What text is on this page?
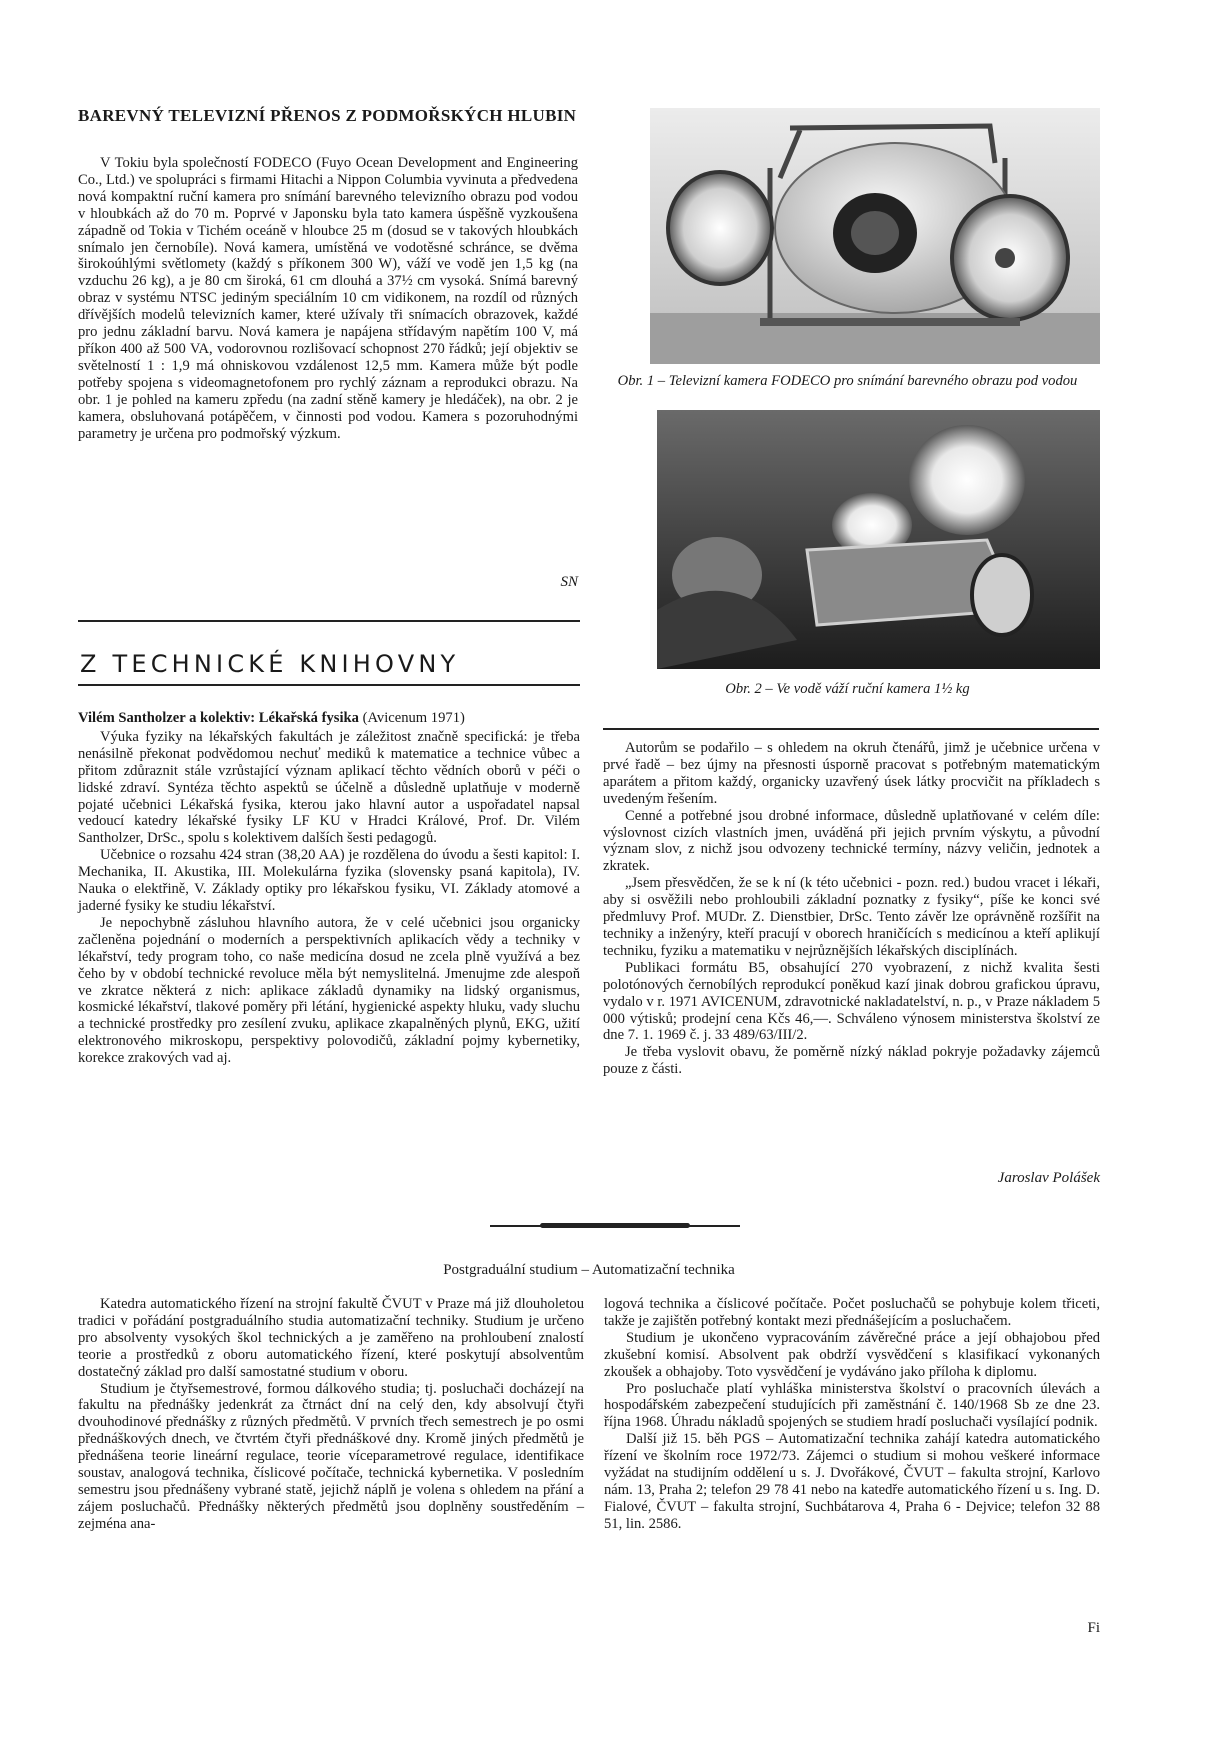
BAREVNÝ TELEVIZNÍ PŘENOS Z PODMOŘSKÝCH HLUBIN

V Tokiu byla společností FODECO (Fuyo Ocean Development and Engineering Co., Ltd.) ve spolupráci s firmami Hitachi a Nippon Columbia vyvinuta a předvedena nová kompaktní ruční kamera pro snímání barevného televizního obrazu pod vodou v hloubkách až do 70 m. Poprvé v Japonsku byla tato kamera úspěšně vyzkoušena západně od Tokia v Tichém oceáně v hloubce 25 m (dosud se v takových hloubkách snímalo jen černobíle). Nová kamera, umístěná ve vodotěsné schránce, se dvěma širokoúhlými světlomety (každý s příkonem 300 W), váží ve vodě jen 1,5 kg (na vzduchu 26 kg), a je 80 cm široká, 61 cm dlouhá a 37½ cm vysoká. Snímá barevný obraz v systému NTSC jediným speciálním 10 cm vidikonem, na rozdíl od různých dřívějších modelů televizních kamer, které užívaly tři snímacích obrazovek, každé pro jednu základní barvu. Nová kamera je napájena střídavým napětím 100 V, má příkon 400 až 500 VA, vodorovnou rozlišovací schopnost 270 řádků; její objektiv se světelností 1 : 1,9 má ohniskovou vzdálenost 12,5 mm. Kamera může být podle potřeby spojena s videomagnetofonem pro rychlý záznam a reprodukci obrazu. Na obr. 1 je pohled na kameru zpředu (na zadní stěně kamery je hledáček), na obr. 2 je kamera, obsluhovaná potápěčem, v činnosti pod vodou. Kamera s pozoruhodnými parametry je určena pro podmořský výzkum.

SN
Obr. 1 – Televizní kamera FODECO pro snímání barevného obrazu pod vodou
Obr. 2 – Ve vodě váží ruční kamera 1½ kg
Z TECHNICKÉ KNIHOVNY

Vilém Santholzer a kolektiv: Lékařská fysika (Avicenum 1971)

Výuka fyziky na lékařských fakultách je záležitost značně specifická: je třeba nenásilně překonat podvědomou nechuť mediků k matematice a technice vůbec a přitom zdůraznit stále vzrůstající význam aplikací těchto vědních oborů v péči o lidské zdraví. Syntéza těchto aspektů se účelně a důsledně uplatňuje v moderně pojaté učebnici Lékařská fysika, kterou jako hlavní autor a uspořadatel napsal vedoucí katedry lékařské fysiky LF KU v Hradci Králové, Prof. Dr. Vilém Santholzer, DrSc., spolu s kolektivem dalších šesti pedagogů.

Učebnice o rozsahu 424 stran (38,20 AA) je rozdělena do úvodu a šesti kapitol: I. Mechanika, II. Akustika, III. Molekulárna fyzika (slovensky psaná kapitola), IV. Nauka o elektřině, V. Základy optiky pro lékařskou fysiku, VI. Základy atomové a jaderné fysiky ke studiu lékařství.

Je nepochybně zásluhou hlavního autora, že v celé učebnici jsou organicky začleněna pojednání o moderních a perspektivních aplikacích vědy a techniky v lékařství, tedy program toho, co naše medicína dosud ne zcela plně využívá a bez čeho by v období technické revoluce měla být nemyslitelná. Jmenujme zde alespoň ve zkratce některá z nich: aplikace základů dynamiky na lidský organismus, kosmické lékařství, tlakové poměry při létání, hygienické aspekty hluku, vady sluchu a technické prostředky pro zesílení zvuku, aplikace zkapalněných plynů, EKG, užití elektronového mikroskopu, perspektivy polovodičů, základní pojmy kybernetiky, korekce zrakových vad aj.

Autorům se podařilo – s ohledem na okruh čtenářů, jimž je učebnice určena v prvé řadě – bez újmy na přesnosti úsporně pracovat s potřebným matematickým aparátem a přitom každý, organicky uzavřený úsek látky procvičit na příkladech s uvedeným řešením.

Cenné a potřebné jsou drobné informace, důsledně uplatňované v celém díle: výslovnost cizích vlastních jmen, uváděná při jejich prvním výskytu, a původní význam slov, z nichž jsou odvozeny technické termíny, názvy veličin, jednotek a zkratek.

„Jsem přesvědčen, že se k ní (k této učebnici - pozn. red.) budou vracet i lékaři, aby si osvěžili nebo prohloubili základní poznatky z fysiky“, píše ke konci své předmluvy Prof. MUDr. Z. Dienstbier, DrSc. Tento závěr lze oprávněně rozšířit na techniky a inženýry, kteří pracují v oborech hraničících s medicínou a kteří aplikují techniku, fyziku a matematiku v nejrůznějších lékařských disciplínách.

Publikaci formátu B5, obsahující 270 vyobrazení, z nichž kvalita šesti polotónových černobílých reprodukcí poněkud kazí jinak dobrou grafickou úpravu, vydalo v r. 1971 AVICENUM, zdravotnické nakladatelství, n. p., v Praze nákladem 5 000 výtisků; prodejní cena Kčs 46,—. Schváleno výnosem ministerstva školství ze dne 7. 1. 1969 č. j. 33 489/63/III/2.

Je třeba vyslovit obavu, že poměrně nízký náklad pokryje požadavky zájemců pouze z části.

Jaroslav Polášek
Postgraduální studium – Automatizační technika

Katedra automatického řízení na strojní fakultě ČVUT v Praze má již dlouholetou tradici v pořádání postgraduálního studia automatizační techniky. Studium je určeno pro absolventy vysokých škol technických a je zaměřeno na prohloubení znalostí teorie a prostředků z oboru automatického řízení, které poskytují absolventům dostatečný základ pro další samostatné studium v oboru.

Studium je čtyřsemestrové, formou dálkového studia; tj. posluchači docházejí na fakultu na přednášky jedenkrát za čtrnáct dní na celý den, kdy absolvují čtyři dvouhodinové přednášky z různých předmětů. V prvních třech semestrech je po osmi přednáškových dnech, ve čtvrtém čtyři přednáškové dny. Kromě jiných předmětů je přednášena teorie lineární regulace, teorie víceparametrové regulace, identifikace soustav, analogová technika, číslicové počítače, technická kybernetika. V posledním semestru jsou přednášeny vybrané statě, jejichž náplň je volena s ohledem na přání a zájem posluchačů. Přednášky některých předmětů jsou doplněny soustředěním – zejména ana-

logová technika a číslicové počítače. Počet posluchačů se pohybuje kolem třiceti, takže je zajištěn potřebný kontakt mezi přednášejícím a posluchačem.

Studium je ukončeno vypracováním závěrečné práce a její obhajobou před zkušební komisí. Absolvent pak obdrží vysvědčení s klasifikací vykonaných zkoušek a obhajoby. Toto vysvědčení je vydáváno jako příloha k diplomu.

Pro posluchače platí vyhláška ministerstva školství o pracovních úlevách a hospodářském zabezpečení studujících při zaměstnání č. 140/1968 Sb ze dne 23. října 1968. Úhradu nákladů spojených se studiem hradí posluchači vysílající podnik.

Další již 15. běh PGS – Automatizační technika zahájí katedra automatického řízení ve školním roce 1972/73. Zájemci o studium si mohou veškeré informace vyžádat na studijním oddělení u s. J. Dvořákové, ČVUT – fakulta strojní, Karlovo nám. 13, Praha 2; telefon 29 78 41 nebo na katedře automatického řízení u s. Ing. D. Fialové, ČVUT – fakulta strojní, Suchbátarova 4, Praha 6 - Dejvice; telefon 32 88 51, lin. 2586.

Fi
